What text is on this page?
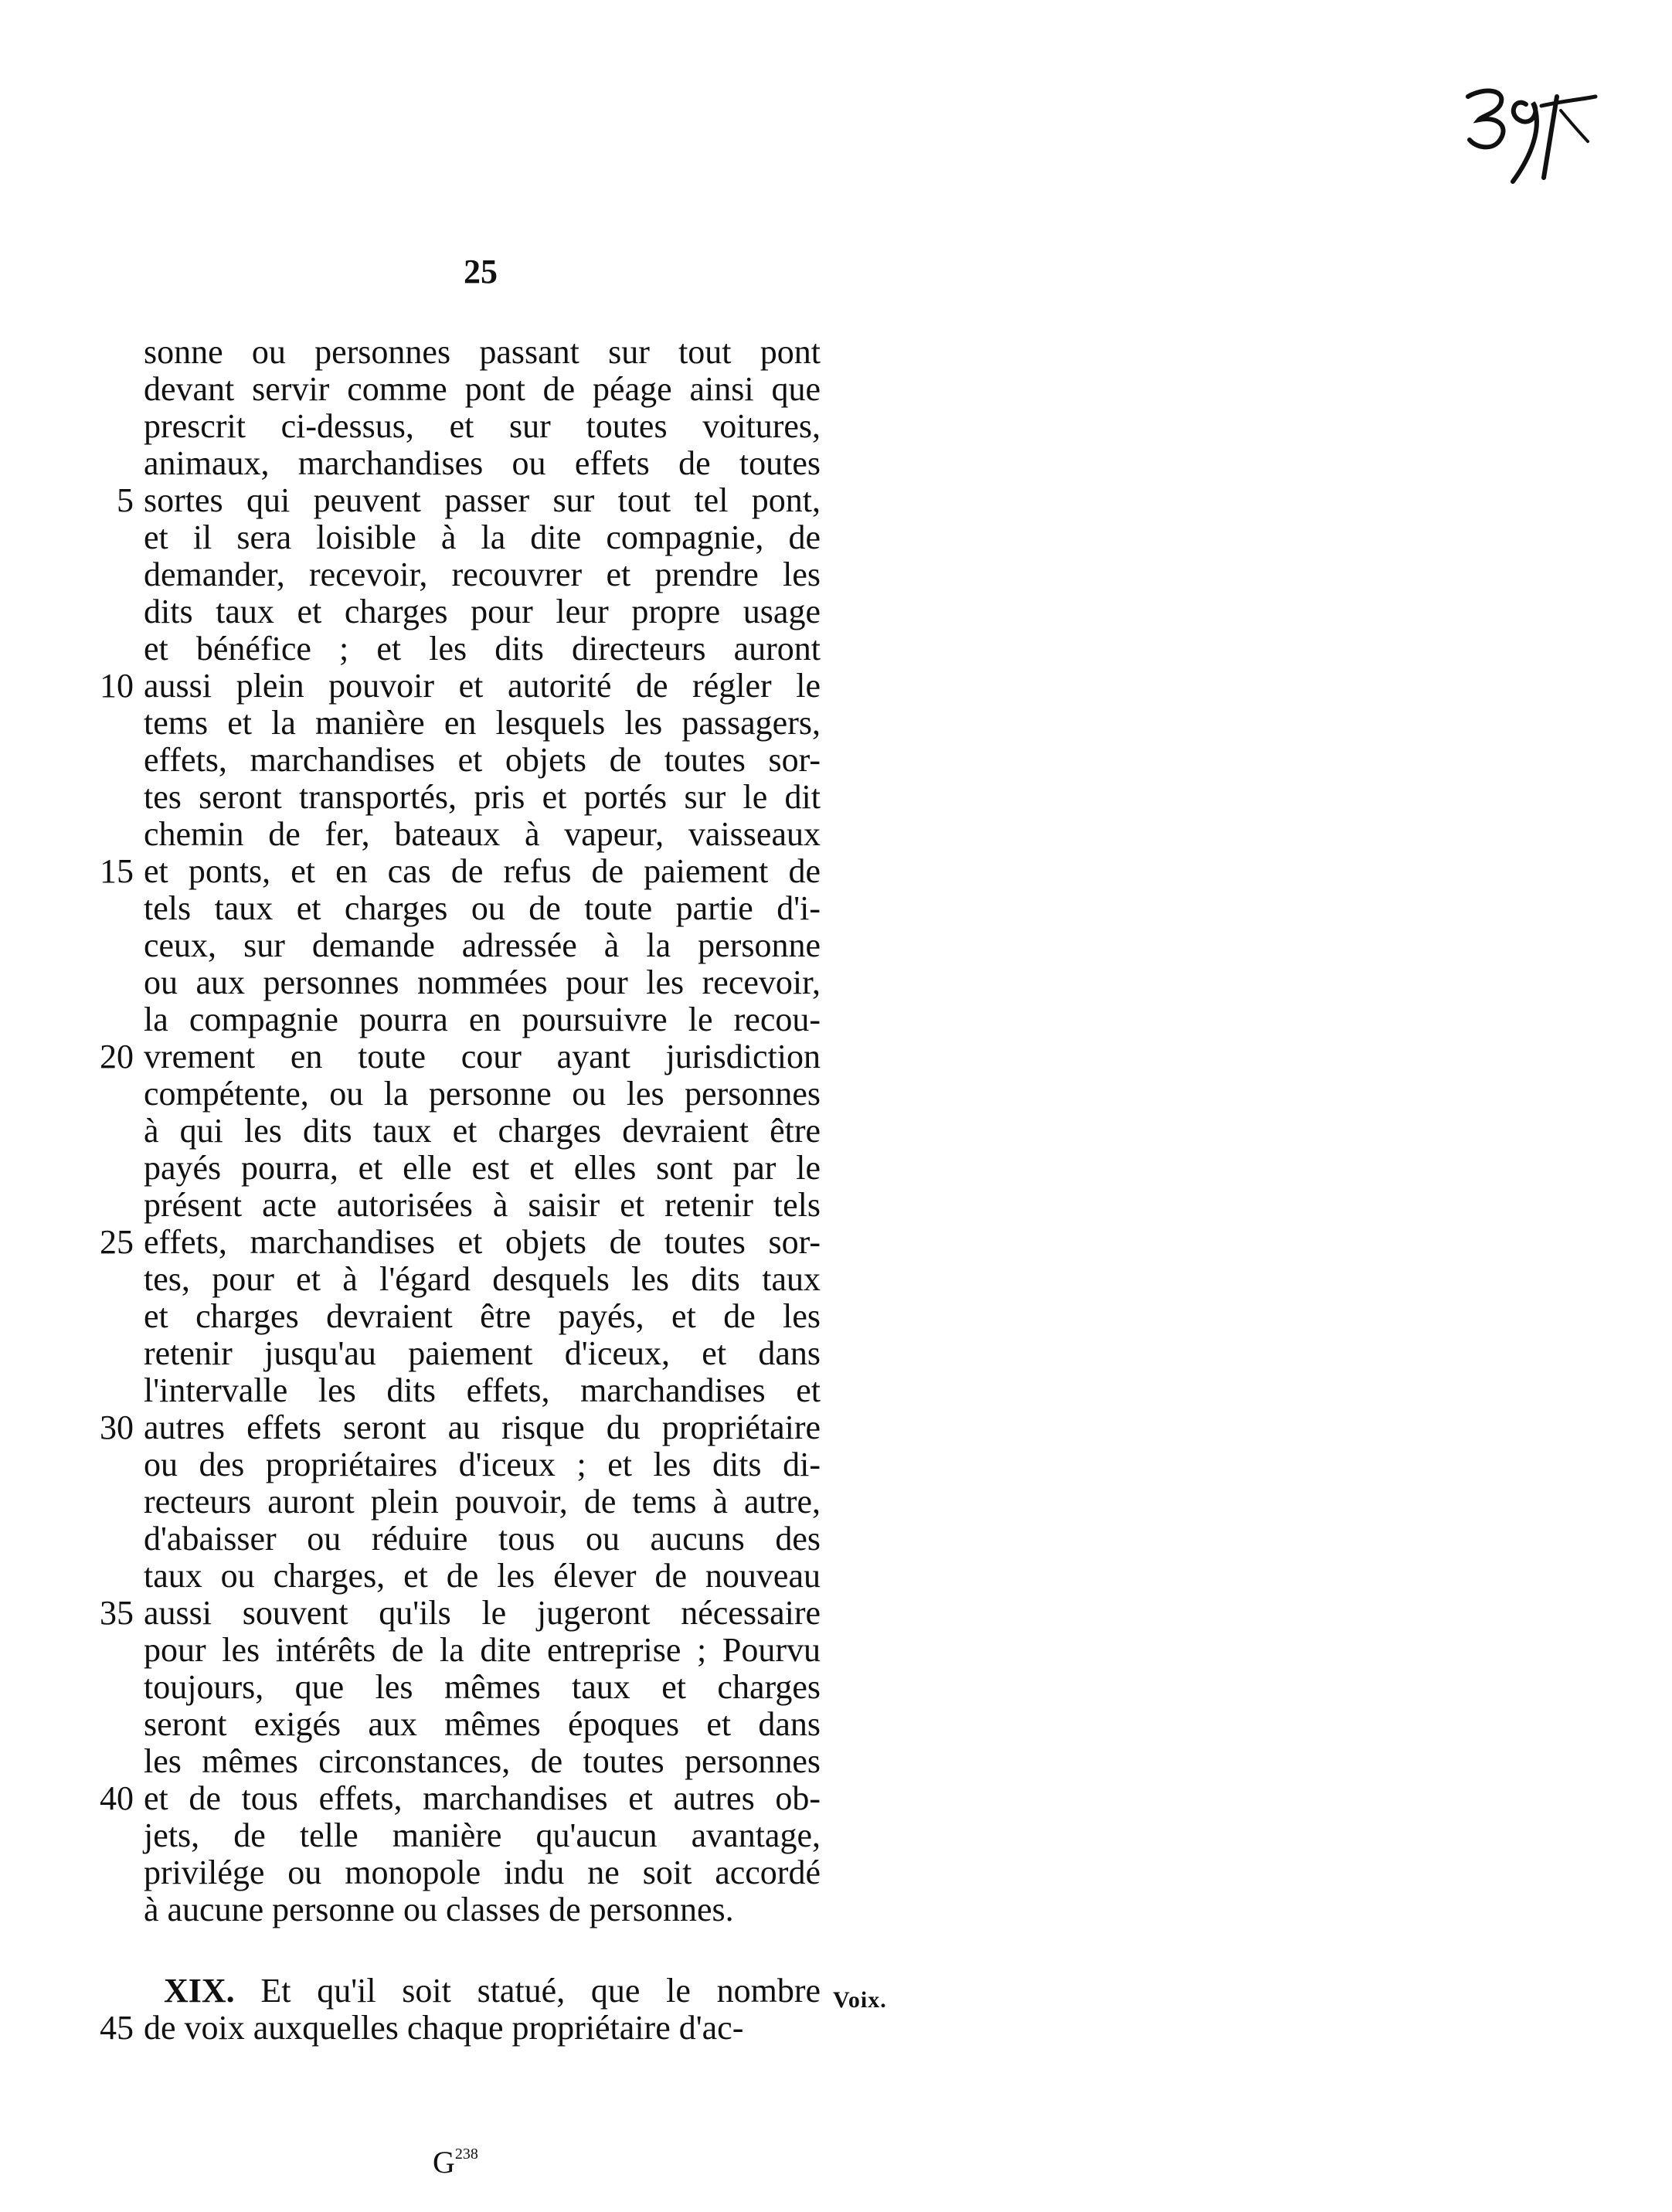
25
sonne ou personnes passant sur tout pont
devant servir comme pont de péage ainsi que
prescrit ci-dessus, et sur toutes voitures,
animaux, marchandises ou effets de toutes
5 sortes qui peuvent passer sur tout tel pont,
et il sera loisible à la dite compagnie, de
demander, recevoir, recouvrer et prendre les
dits taux et charges pour leur propre usage
et bénéfice ; et les dits directeurs auront
10 aussi plein pouvoir et autorité de régler le
tems et la manière en lesquels les passagers,
effets, marchandises et objets de toutes sor-
tes seront transportés, pris et portés sur le dit
chemin de fer, bateaux à vapeur, vaisseaux
15 et ponts, et en cas de refus de paiement de
tels taux et charges ou de toute partie d'i-
ceux, sur demande adressée à la personne
ou aux personnes nommées pour les recevoir,
la compagnie pourra en poursuivre le recou-
20 vrement en toute cour ayant jurisdiction
compétente, ou la personne ou les personnes
à qui les dits taux et charges devraient être
payés pourra, et elle est et elles sont par le
présent acte autorisées à saisir et retenir tels
25 effets, marchandises et objets de toutes sor-
tes, pour et à l'égard desquels les dits taux
et charges devraient être payés, et de les
retenir jusqu'au paiement d'iceux, et dans
l'intervalle les dits effets, marchandises et
30 autres effets seront au risque du propriétaire
ou des propriétaires d'iceux ; et les dits di-
recteurs auront plein pouvoir, de tems à autre,
d'abaisser ou réduire tous ou aucuns des
taux ou charges, et de les élever de nouveau
35 aussi souvent qu'ils le jugeront nécessaire
pour les intérêts de la dite entreprise ; Pourvu
toujours, que les mêmes taux et charges
seront exigés aux mêmes époques et dans
les mêmes circonstances, de toutes personnes
40 et de tous effets, marchandises et autres ob-
jets, de telle manière qu'aucun avantage,
privilége ou monopole indu ne soit accordé
à aucune personne ou classes de personnes.
XIX. Et qu'il soit statué, que le nombre
45 de voix auxquelles chaque propriétaire d'ac-
Voix.
$G^{238}$
